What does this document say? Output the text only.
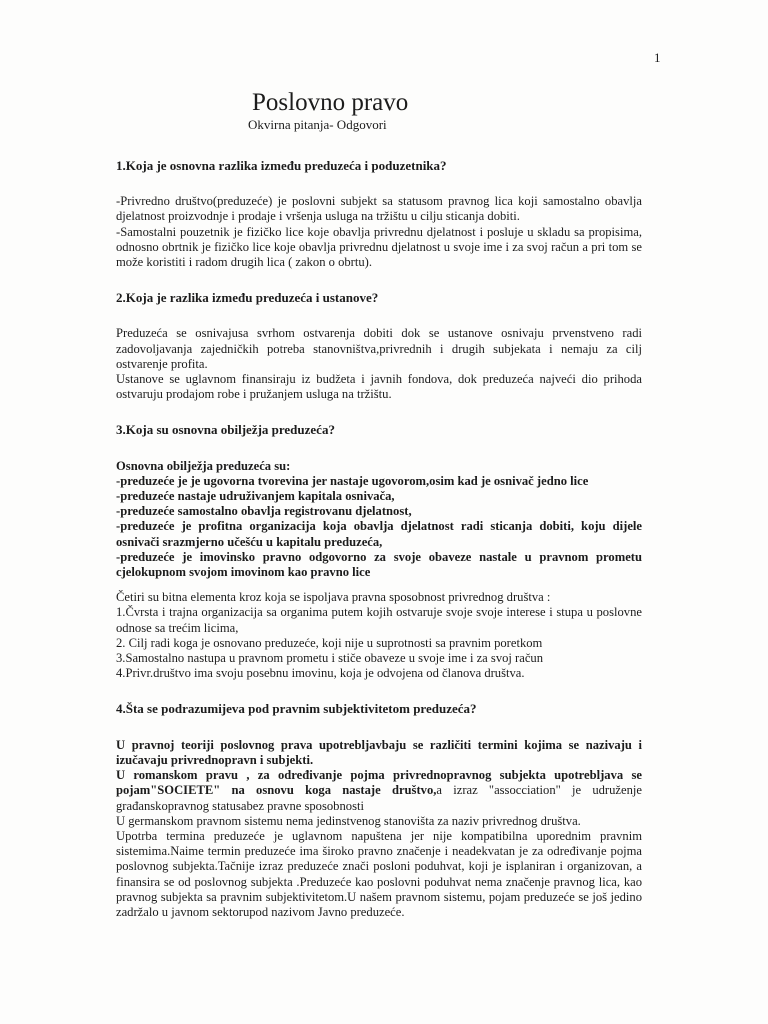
1
Poslovno pravo
Okvirna pitanja- Odgovori

1.Koja je osnovna razlika između preduzeća i poduzetnika?

-Privredno društvo(preduzeće) je poslovni subjekt sa statusom pravnog lica koji samostalno obavlja djelatnost proizvodnje i prodaje i vršenja usluga na tržištu u cilju sticanja dobiti.

-Samostalni pouzetnik je fizičko lice koje obavlja privrednu djelatnost i posluje u skladu sa propisima, odnosno obrtnik je fizičko lice koje obavlja privrednu djelatnost u svoje ime i za svoj račun a pri tom se može koristiti i radom drugih lica ( zakon o obrtu).

2.Koja je razlika između preduzeća i ustanove?

Preduzeća se osnivajusa svrhom ostvarenja dobiti dok se ustanove osnivaju prvenstveno radi zadovoljavanja zajedničkih potreba stanovništva,privrednih i drugih subjekata i nemaju za cilj ostvarenje profita.

Ustanove se uglavnom finansiraju iz budžeta i javnih fondova, dok preduzeća najveći dio prihoda ostvaruju prodajom robe i pružanjem usluga na tržištu.

3.Koja su osnovna obilježja preduzeća?

Osnovna obilježja preduzeća su:

-preduzeće je je ugovorna tvorevina jer nastaje ugovorom,osim kad je osnivač jedno lice

-preduzeće nastaje udruživanjem kapitala osnivača,

-preduzeće samostalno obavlja registrovanu djelatnost,

-preduzeće je profitna organizacija koja obavlja djelatnost radi sticanja dobiti, koju dijele osnivači srazmjerno učešću u kapitalu preduzeća,

-preduzeće je imovinsko pravno odgovorno za svoje obaveze nastale u pravnom prometu cjelokupnom svojom imovinom kao pravno lice

Četiri su bitna elementa kroz koja se ispoljava pravna sposobnost privrednog društva :

1.Čvrsta i trajna organizacija sa organima putem kojih ostvaruje svoje svoje interese i stupa u poslovne odnose sa trećim licima,

2. Cilj radi koga je osnovano preduzeće, koji nije u suprotnosti sa pravnim poretkom

3.Samostalno nastupa u pravnom prometu i stiče obaveze u svoje ime i za svoj račun

4.Privr.društvo ima svoju posebnu imovinu, koja je odvojena od članova društva.

4.Šta se podrazumijeva pod pravnim subjektivitetom preduzeća?

U pravnoj teoriji poslovnog prava upotrebljavbaju se različiti termini kojima se nazivaju i izučavaju privrednopravn i subjekti.

U romanskom pravu , za određivanje pojma privrednopravnog subjekta upotrebljava se pojam"SOCIETE" na osnovu koga nastaje društvo,a izraz "assocciation" je udruženje građanskopravnog statusabez pravne sposobnosti

U germanskom pravnom sistemu nema jedinstvenog stanovišta za naziv privrednog društva.

Upotrba termina preduzeće je uglavnom napuštena jer nije kompatibilna uporednim pravnim sistemima.Naime termin preduzeće ima široko pravno značenje i neadekvatan je za određivanje pojma poslovnog subjekta.Tačnije izraz preduzeće znači posloni poduhvat, koji je isplaniran i organizovan, a finansira se od poslovnog subjekta .Preduzeće kao poslovni poduhvat nema značenje pravnog lica, kao pravnog subjekta sa pravnim subjektivitetom.U našem pravnom sistemu, pojam preduzeće se još jedino zadržalo u javnom sektorupod nazivom Javno preduzeće.
